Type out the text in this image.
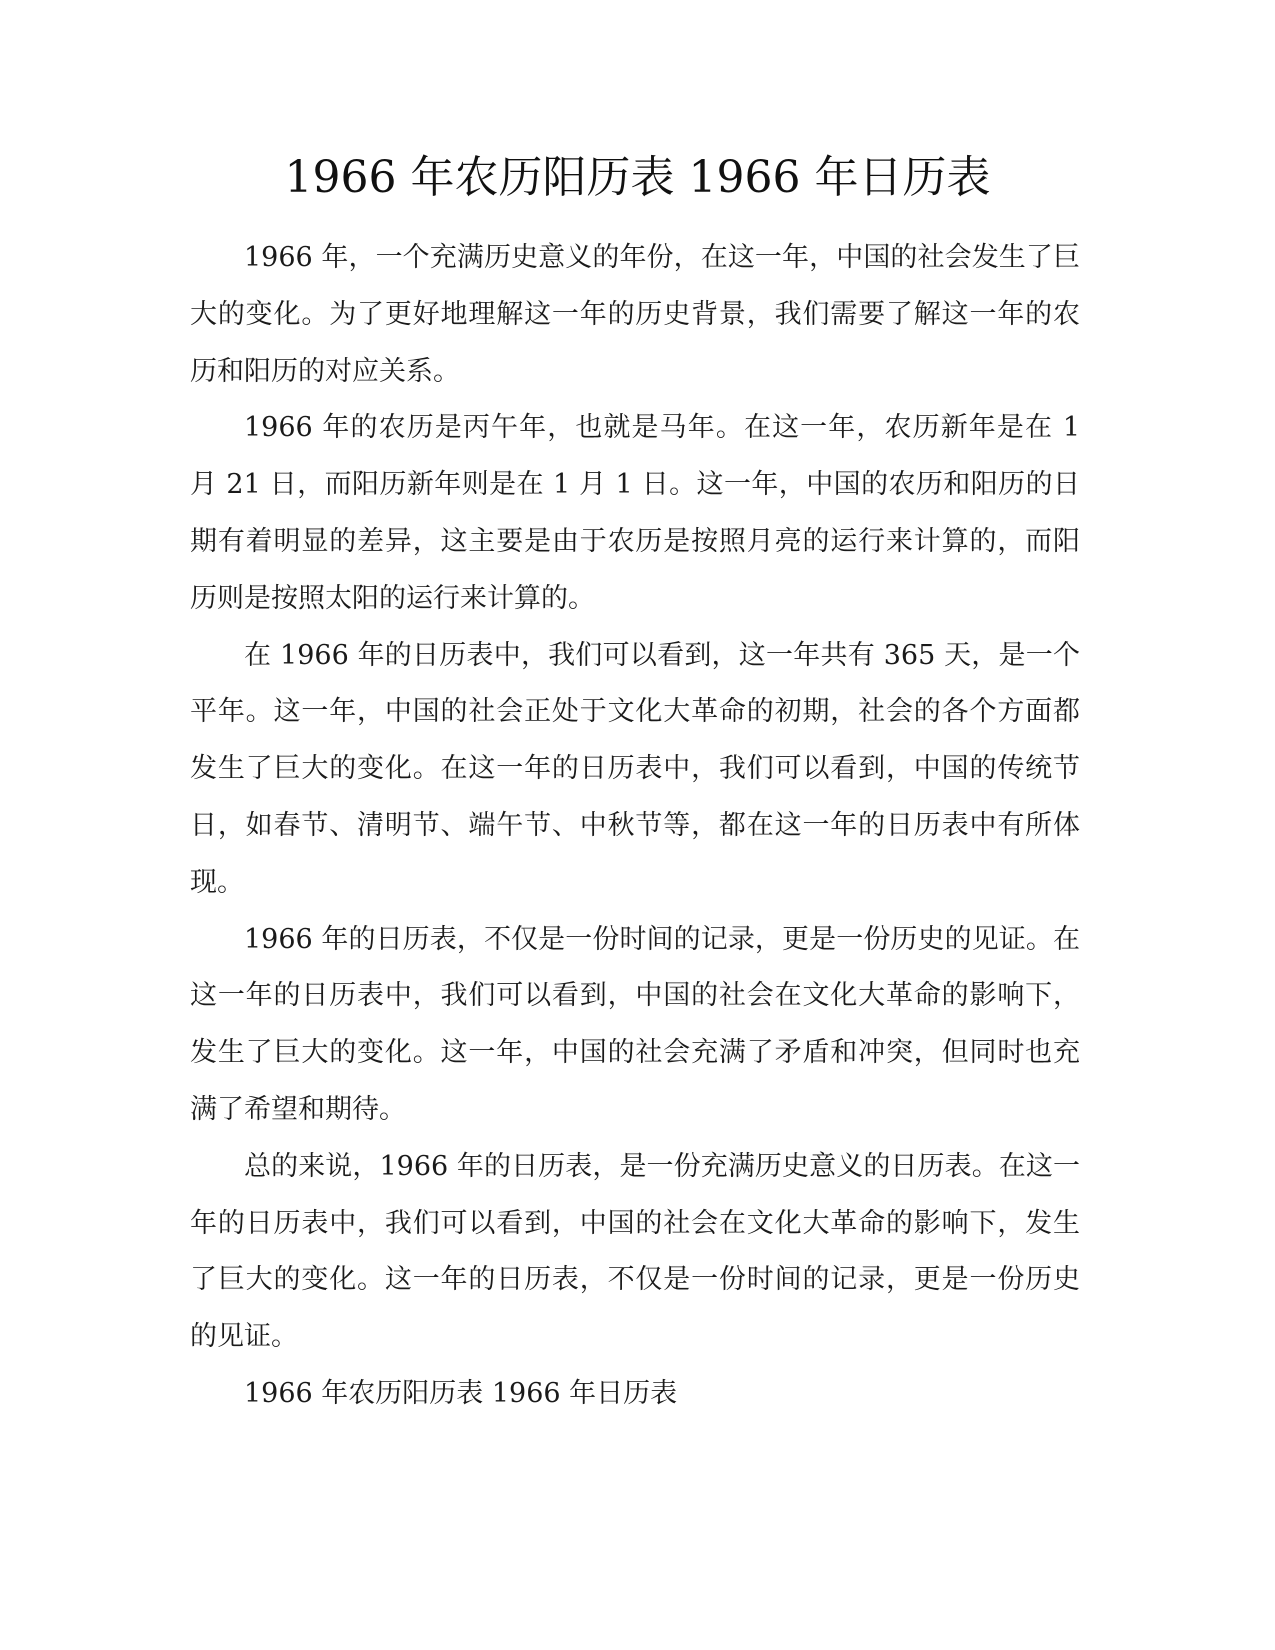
1966 年农历阳历表 1966 年日历表

1966 年，一个充满历史意义的年份，在这一年，中国的社会发生了巨大的变化。为了更好地理解这一年的历史背景，我们需要了解这一年的农历和阳历的对应关系。

1966 年的农历是丙午年，也就是马年。在这一年，农历新年是在 1 月 21 日，而阳历新年则是在 1 月 1 日。这一年，中国的农历和阳历的日期有着明显的差异，这主要是由于农历是按照月亮的运行来计算的，而阳历则是按照太阳的运行来计算的。

在 1966 年的日历表中，我们可以看到，这一年共有 365 天，是一个平年。这一年，中国的社会正处于文化大革命的初期，社会的各个方面都发生了巨大的变化。在这一年的日历表中，我们可以看到，中国的传统节日，如春节、清明节、端午节、中秋节等，都在这一年的日历表中有所体现。

1966 年的日历表，不仅是一份时间的记录，更是一份历史的见证。在这一年的日历表中，我们可以看到，中国的社会在文化大革命的影响下，发生了巨大的变化。这一年，中国的社会充满了矛盾和冲突，但同时也充满了希望和期待。

总的来说，1966 年的日历表，是一份充满历史意义的日历表。在这一年的日历表中，我们可以看到，中国的社会在文化大革命的影响下，发生了巨大的变化。这一年的日历表，不仅是一份时间的记录，更是一份历史的见证。

1966 年农历阳历表 1966 年日历表
